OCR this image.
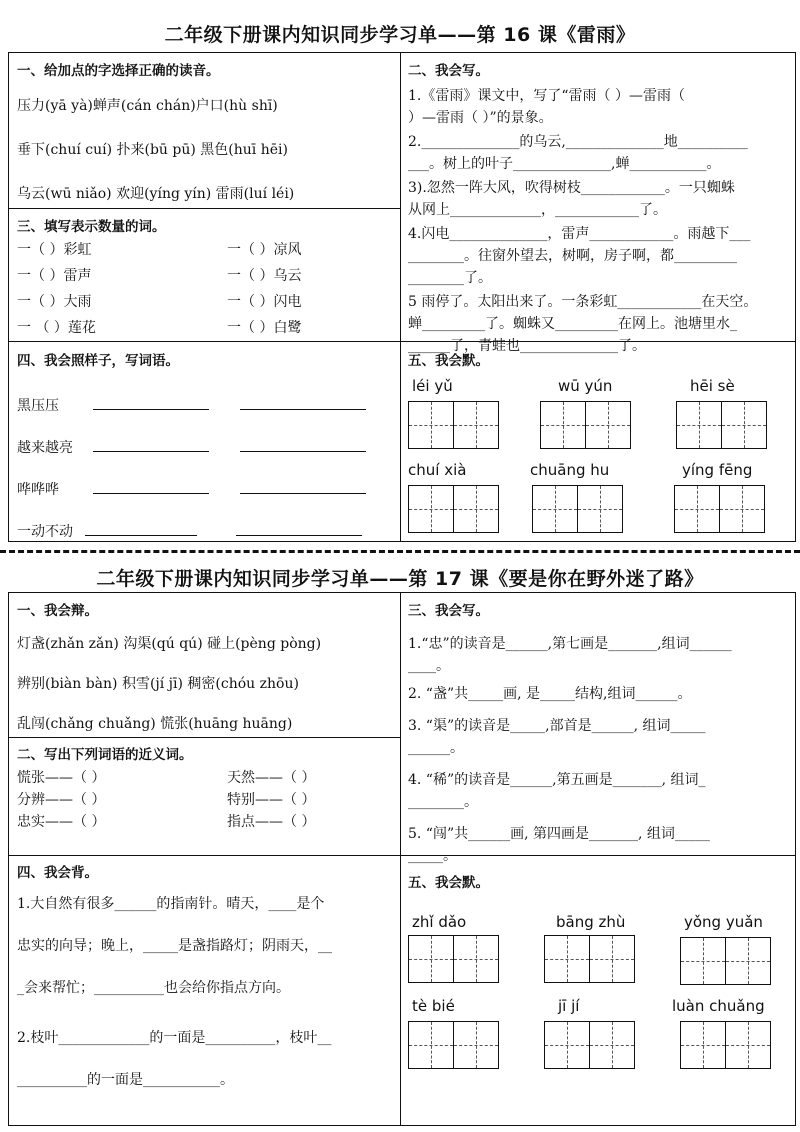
二年级下册课内知识同步学习单——第 16 课《雷雨》
一、给加点的字选择正确的读音。
压力(yā yà)蝉声(cán chán)户口(hù shī)
垂下(chuí cuí) 扑来(bū pū) 黑色(huī hēi)
乌云(wū niǎo) 欢迎(yíng yín) 雷雨(luí léi)
三、填写表示数量的词。
一（ ）彩虹	一（ ）凉风
一（ ）雷声	一（ ）乌云
一（ ）大雨	一（ ）闪电
一 （ ）莲花	一（ ）白鹭
二、我会写。
1.《雷雨》课文中，写了“雷雨（ ）—雷雨（
）—雷雨（ ）”的景象。
2.______________的乌云,______________地__________
___。树上的叶子______________,蝉___________。
3).忽然一阵大风，吹得树枝____________。一只蜘蛛
从网上_____________，____________了。
4.闪电______________，雷声____________。雨越下___
________。往窗外望去，树啊，房子啊，都_________
________了。
5 雨停了。太阳出来了。一条彩虹____________在天空。
蝉_________了。蜘蛛又_________在网上。池塘里水_
______了，青蛙也______________了。
四、我会照样子，写词语。
黑压压
越来越亮
哗哗哗
一动不动
五、我会默。
léi yǔ	wū yún	hēi sè
chuí xià	chuāng hu	yíng fēng
二年级下册课内知识同步学习单——第 17 课《要是你在野外迷了路》
一、我会辩。
灯盏(zhǎn zǎn) 沟渠(qú qú) 碰上(pèng pòng)
辨别(biàn bàn) 积雪(jí jī) 稠密(chóu zhōu)
乱闯(chǎng chuǎng) 慌张(huāng huāng)
二、写出下列词语的近义词。
慌张——（ ）	天然——（ ）
分辨——（ ）	特别——（ ）
忠实——（ ）	指点——（ ）
三、我会写。
1.“忠”的读音是______,第七画是_______,组词______
____。
2. “盏”共_____画, 是_____结构,组词______。
3. “渠”的读音是_____,部首是______, 组词_____
______。
4. “稀”的读音是______,第五画是_______, 组词_
________。
5. “闯”共______画, 第四画是_______, 组词_____
_____。
四、我会背。
1.大自然有很多______的指南针。晴天，____是个
忠实的向导；晚上，_____是盏指路灯；阴雨天，__
_会来帮忙；__________也会给你指点方向。
2.枝叶_____________的一面是__________，枝叶__
__________的一面是___________。
五、我会默。
zhǐ dǎo	bāng zhù	yǒng yuǎn
tè bié	jī jí	luàn chuǎng
